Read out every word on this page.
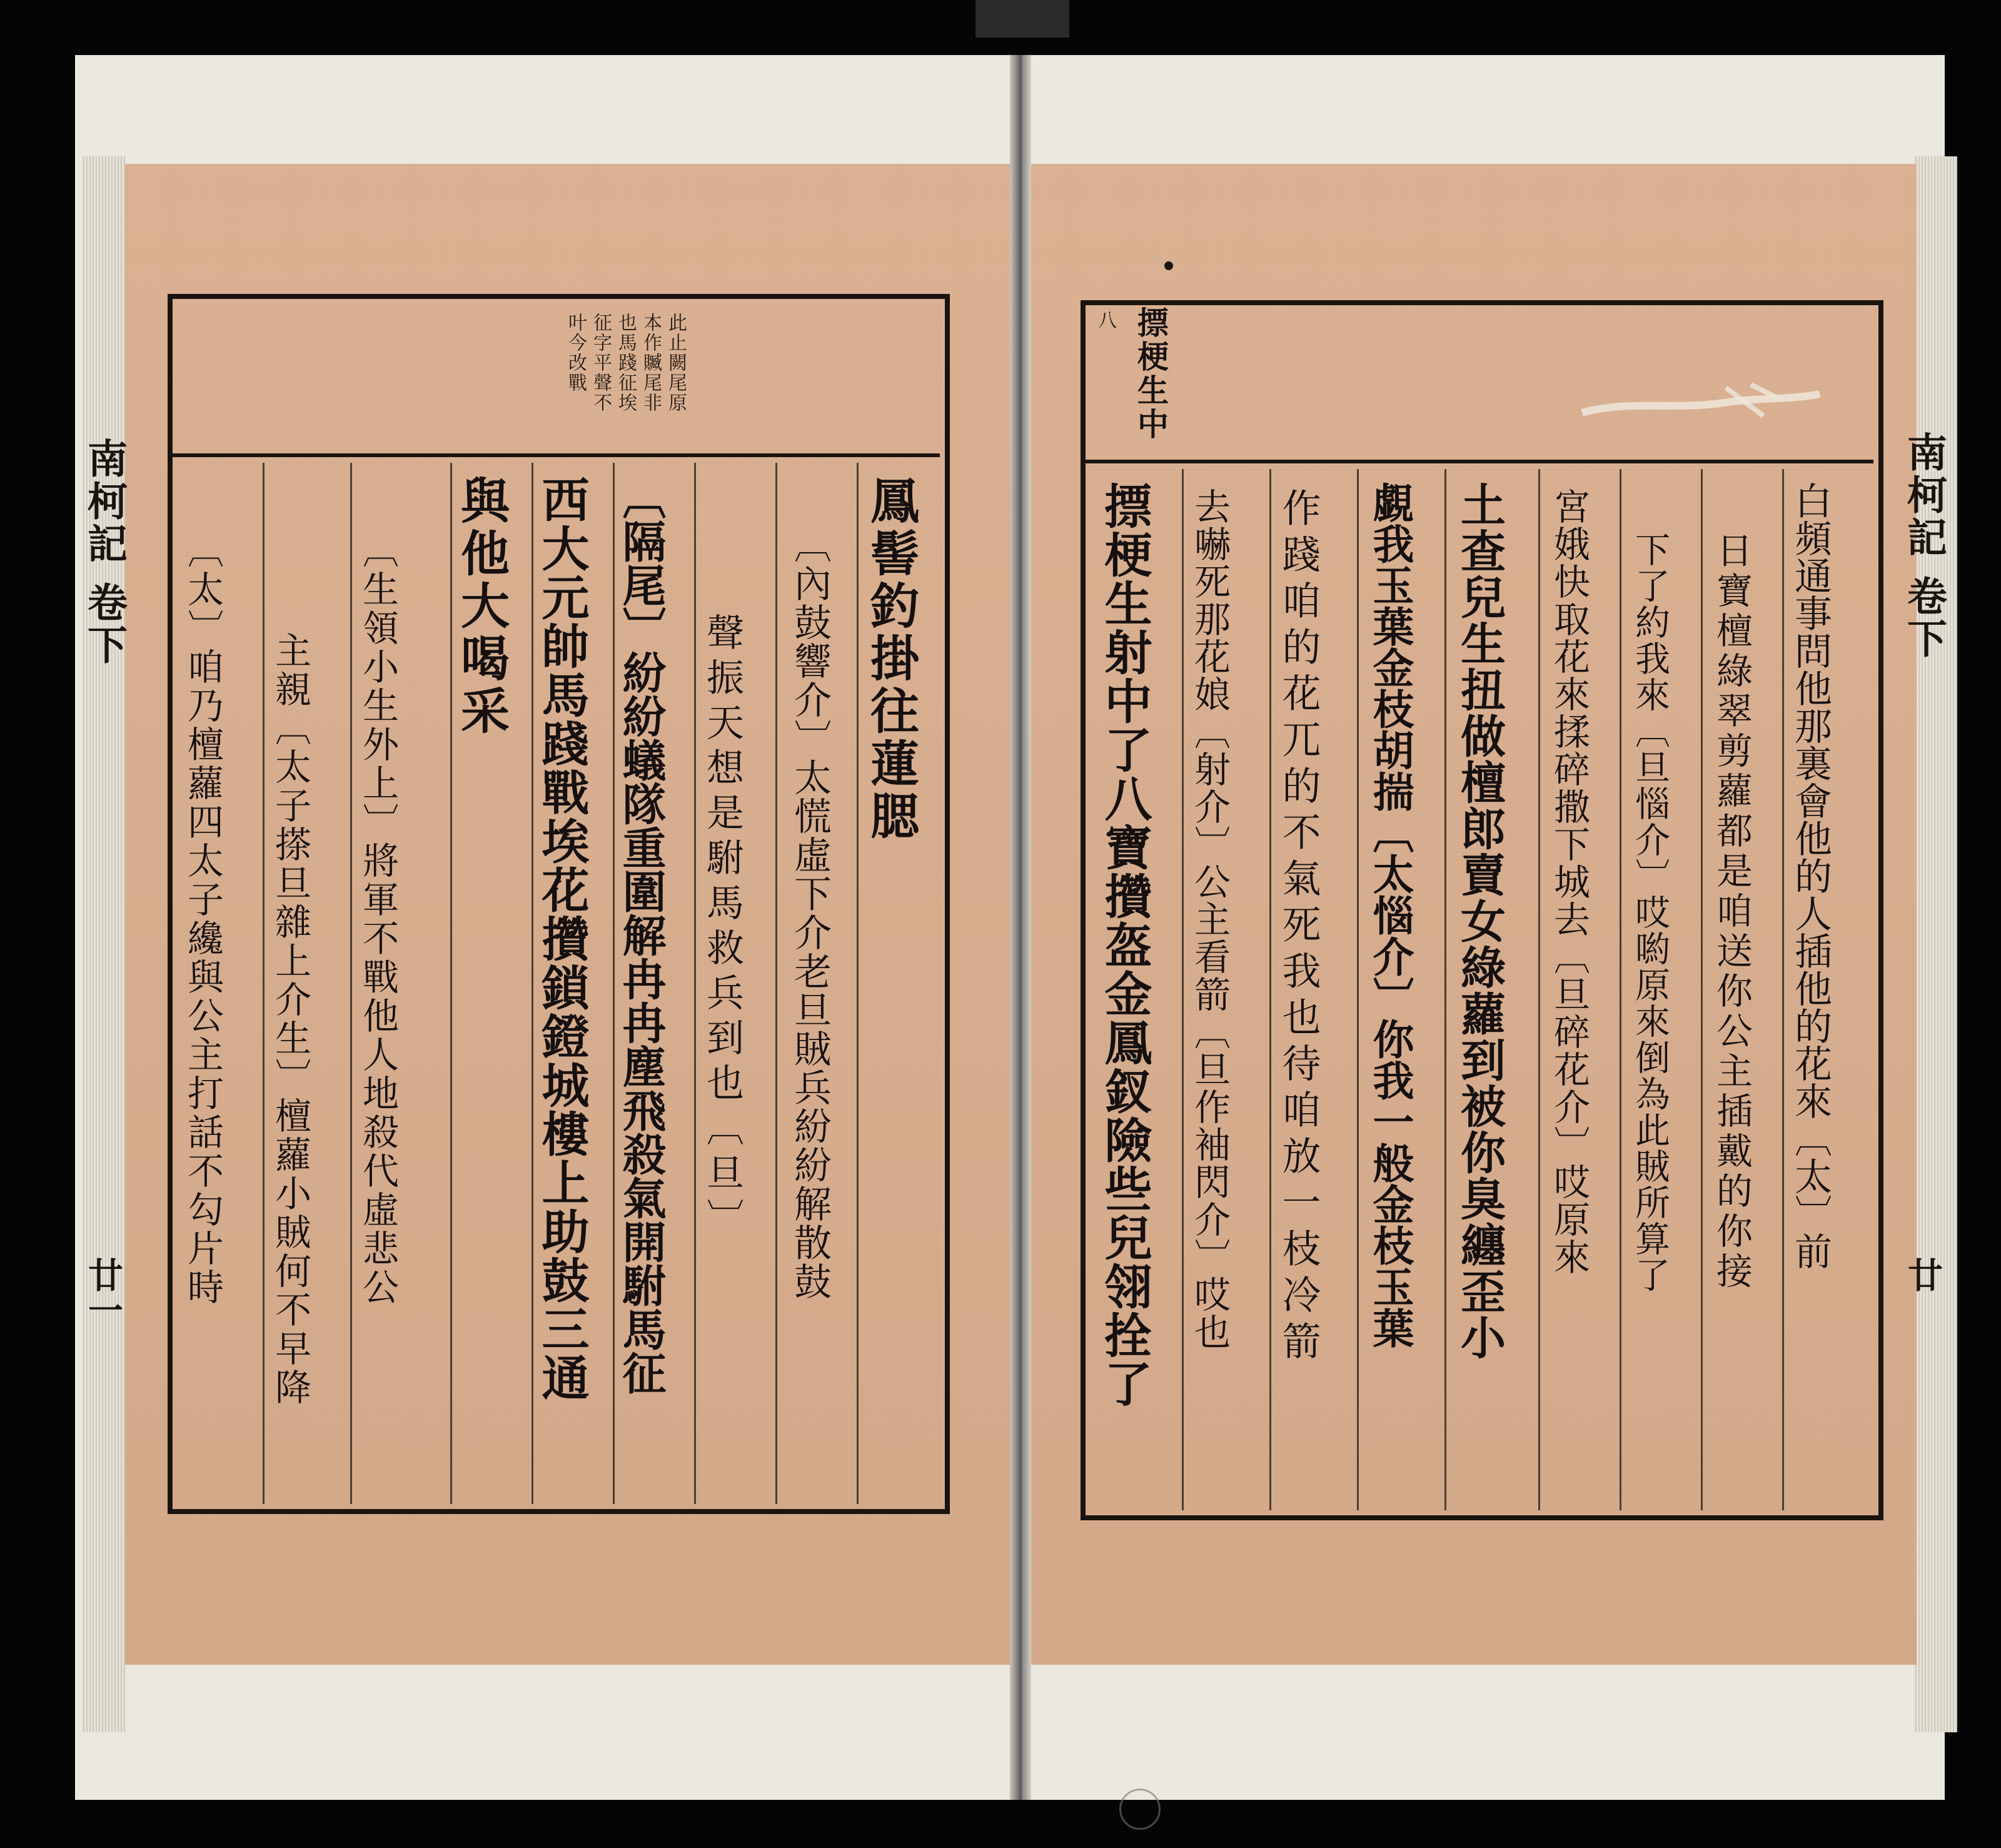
此止闕尾原
本作贓尾非
也馬踐征埃
征字平聲不
叶今改戰
鳳髻釣掛往蓮腮
〔內鼓響介〕太慌虛下介老旦賊兵紛紛解散鼓
聲振天想是駙馬救兵到也〔旦〕
〔隔尾〕紛紛蟻隊重圍解冉冉塵飛殺氣開駙馬征
西大元帥馬踐戰埃花攢鎖鐙城樓上助鼓三通
與他大喝采
〔生領小生外上〕將軍不戰他人地殺代虛悲公
主親〔太子搽旦雜上介生〕檀蘿小賊何不早降
〔太〕咱乃檀蘿四太子纔與公主打話不勾片時
南柯記 卷下
廿一
摽梗生中
八
白頻通事問他那裏會他的人插他的花來〔太〕前
日寶檀綠翠剪蘿都是咱送你公主插戴的你接
下了約我來〔旦惱介〕哎喲原來倒為此賊所算了
宮娥快取花來揉碎撒下城去〔旦碎花介〕哎原來
土查兒生扭做檀郎賣女綠蘿到被你臭纏歪小
覷我玉葉金枝胡揣〔太惱介〕你我一般金枝玉葉
作踐咱的花兀的不氣死我也待咱放一枝冷箭
去嚇死那花娘〔射介〕公主看箭〔旦作袖閃介〕哎也
摽梗生射中了八寶攢盔金鳳釵險些兒翎拴了	南柯記 卷下
廿
